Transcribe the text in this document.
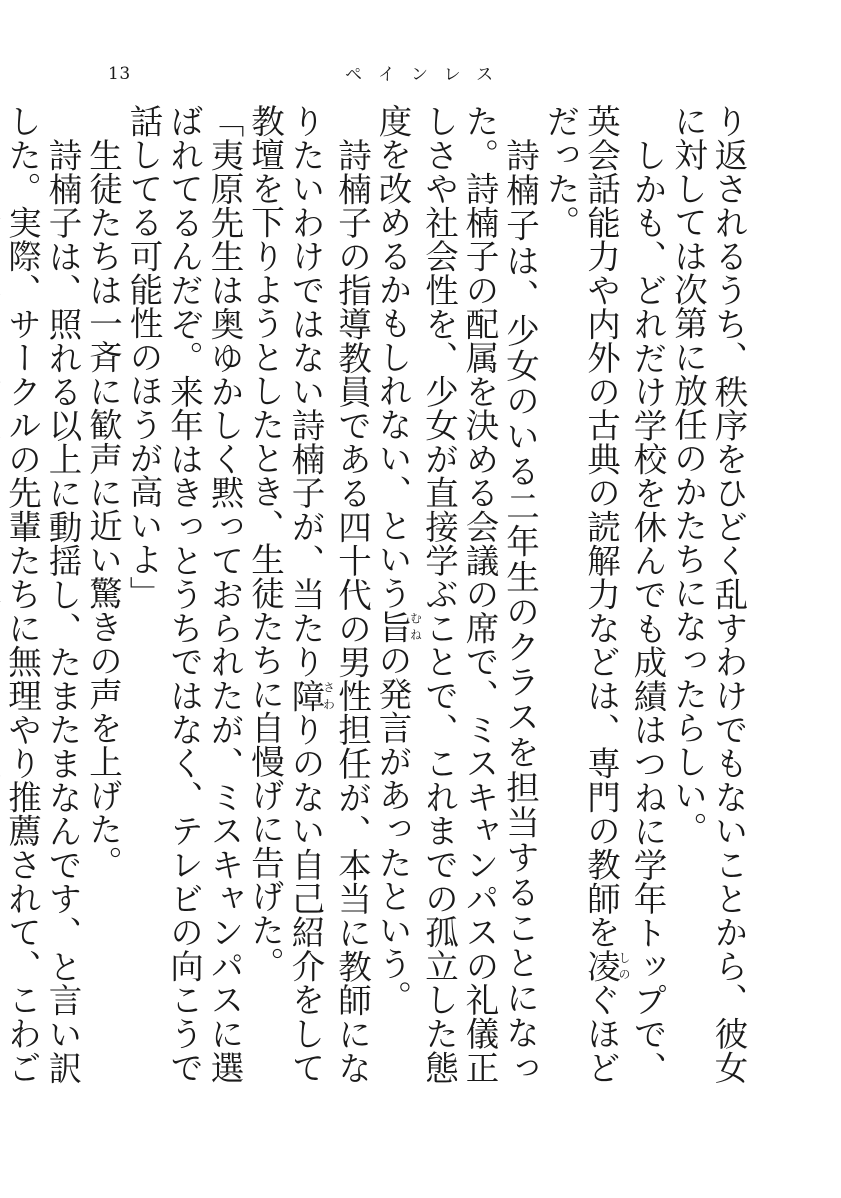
13	ペインレス

り返されるうち、秩序をひどく乱すわけでもないことから、彼女に対しては次第に放任のかたちになったらしい。

しかも、どれだけ学校を休んでも成績はつねに学年トップで、英会話能力や内外の古典の読解力などは、専門の教師を凌しのぐほどだった。

詩楠子は、少女のいる二年生のクラスを担当することになった。詩楠子の配属を決める会議の席で、ミスキャンパスの礼儀正しさや社会性を、少女が直接学ぶことで、これまでの孤立した態度を改めるかもしれない、という旨むねの発言があったという。

詩楠子の指導教員である四十代の男性担任が、本当に教師になりたいわけではない詩楠子が、当たり障さわりのない自己紹介をして教壇を下りようとしたとき、生徒たちに自慢げに告げた。

「夷原先生は奥ゆかしく黙っておられたが、ミスキャンパスに選ばれてるんだぞ。来年はきっとうちではなく、テレビの向こうで話してる可能性のほうが高いよ」

生徒たちは一斉に歓声に近い驚きの声を上げた。

詩楠子は、照れる以上に動揺し、たまたまなんです、と言い訳した。実際、サークルの先輩たちに無理やり推薦されて、こわご
